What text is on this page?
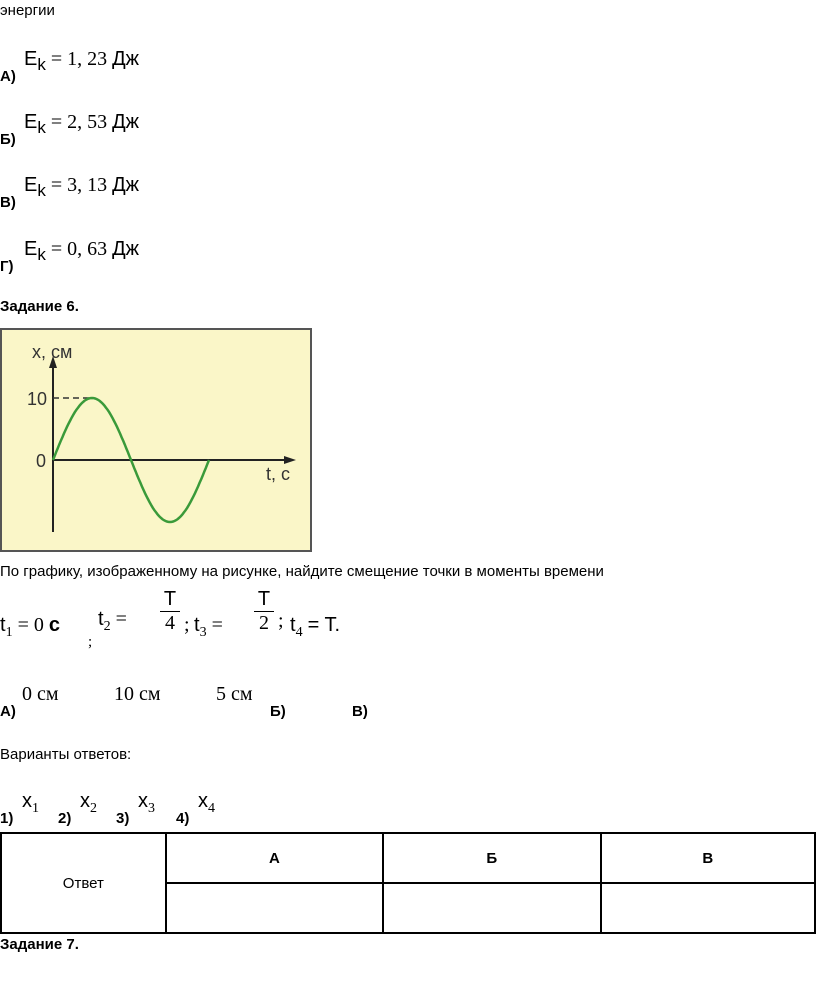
энергии
А)
$E_k = 1$, 23 Дж
Б)
$E_k = 2$, 53 Дж
В)
$E_k = 3$, 13 Дж
Г)
$E_k = 0$, 63 Дж
Задание 6.
x, см
t, с
10
0
По графику, изображенному на рисунке, найдите смещение точки в моменты времени
$t_1 = 0$ с
;
$t_2$ =
T
4 ; $t_3$ =
T
2 ; $t_4 = T$.
А)
0 см	10 см	5 см
Б)	В)
Варианты ответов:
1)
$x_1$
2)
$x_2$
3)
$x_3$
4)
$x_4$
Ответ	А	Б	В

Задание 7.
